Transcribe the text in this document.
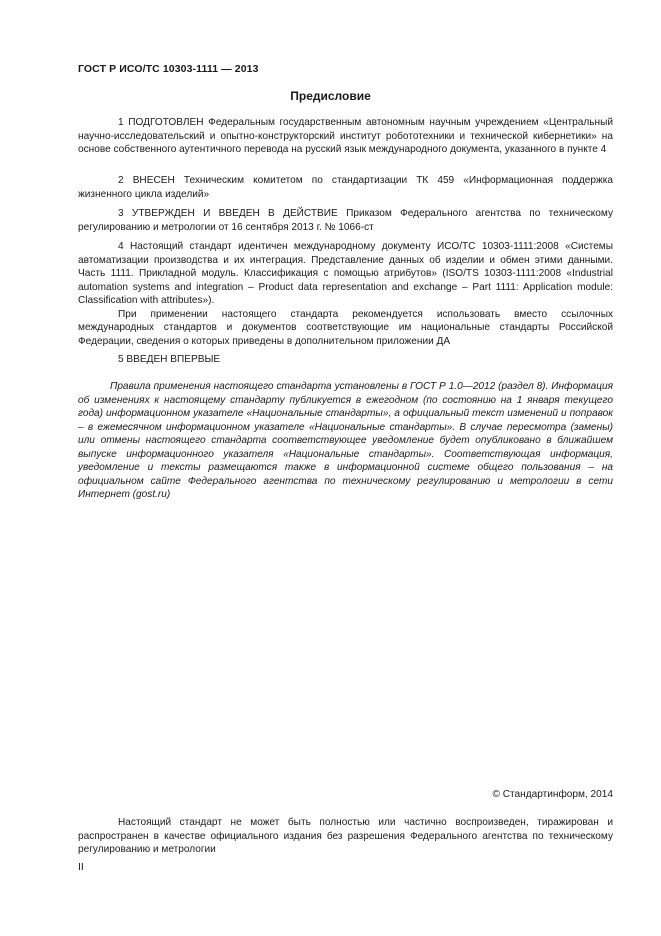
ГОСТ Р ИСО/ТС 10303-1111 — 2013
Предисловие

1 ПОДГОТОВЛЕН Федеральным государственным автономным научным учреждением «Центральный научно-исследовательский и опытно-конструкторский институт робототехники и технической кибернетики» на основе собственного аутентичного перевода на русский язык международного документа, указанного в пункте 4

2 ВНЕСЕН Техническим комитетом по стандартизации ТК 459 «Информационная поддержка жизненного цикла изделий»

3 УТВЕРЖДЕН И ВВЕДЕН В ДЕЙСТВИЕ Приказом Федерального агентства по техническому регулированию и метрологии от 16 сентября 2013 г. № 1066-ст

4 Настоящий стандарт идентичен международному документу ИСО/ТС 10303-1111:2008 «Системы автоматизации производства и их интеграция. Представление данных об изделии и обмен этими данными. Часть 1111. Прикладной модуль. Классификация с помощью атрибутов» (ISO/TS 10303-1111:2008 «Industrial automation systems and integration – Product data representation and exchange – Part 1111: Application module: Classification with attributes»).

При применении настоящего стандарта рекомендуется использовать вместо ссылочных международных стандартов и документов соответствующие им национальные стандарты Российской Федерации, сведения о которых приведены в дополнительном приложении ДА

5 ВВЕДЕН ВПЕРВЫЕ

Правила применения настоящего стандарта установлены в ГОСТ Р 1.0—2012 (раздел 8). Информация об изменениях к настоящему стандарту публикуется в ежегодном (по состоянию на 1 января текущего года) информационном указателе «Национальные стандарты», а официальный текст изменений и поправок – в ежемесячном информационном указателе «Национальные стандарты». В случае пересмотра (замены) или отмены настоящего стандарта соответствующее уведомление будет опубликовано в ближайшем выпуске информационного указателя «Национальные стандарты». Соответствующая информация, уведомление и тексты размещаются также в информационной системе общего пользования – на официальном сайте Федерального агентства по техническому регулированию и метрологии в сети Интернет (gost.ru)

© Стандартинформ, 2014

Настоящий стандарт не может быть полностью или частично воспроизведен, тиражирован и распространен в качестве официального издания без разрешения Федерального агентства по техническому регулированию и метрологии

II
